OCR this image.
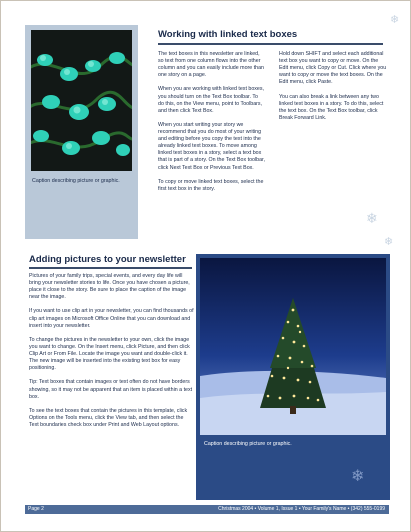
❄
❄
❄
Caption describing picture or graphic.
Working with linked text boxes

The text boxes in this newsletter are linked, so text from one column flows into the other column and you can easily include more than one story on a page.

When you are working with linked text boxes, you should turn on the Text Box toolbar. To do this, on the View menu, point to Toolbars, and then click Text Box.

When you start writing your story we recommend that you do most of your writing and editing before you copy the text into the already linked text boxes. To move among linked text boxes in a story, select a text box that is part of a story. On the Text Box toolbar, click Next Text Box or Previous Text Box.

To copy or move linked text boxes, select the first text box in the story.

Hold down SHIFT and select each additional text box you want to copy or move. On the Edit menu, click Copy or Cut. Click where you want to copy or move the text boxes. On the Edit menu, click Paste.

You can also break a link between any two linked text boxes in a story. To do this, select the text box. On the Text Box toolbar, click Break Forward Link.

Adding pictures to your newsletter

Pictures of your family trips, special events, and every day life will bring your newsletter stories to life. Once you have chosen a picture, place it close to the story. Be sure to place the caption of the image near the image.

If you want to use clip art in your newsletter, you can find thousands of clip art images on Microsoft Office Online that you can download and insert into your newsletter.

To change the pictures in the newsletter to your own, click the image you want to change. On the Insert menu, click Picture, and then click Clip Art or From File. Locate the image you want and double-click it. The new image will be inserted into the existing text box for easy positioning.

Tip: Text boxes that contain images or text often do not have borders showing, so it may not be apparent that an item is placed within a text box.

To see the text boxes that contain the pictures in this template, click Options on the Tools menu, click the View tab, and then select the Text boundaries check box under Print and Web Layout options.

Caption describing picture or graphic.
❄
Page 2	Christmas 2004 • Volume 1, Issue 1 • Your Family's Name • (342) 555-0199
